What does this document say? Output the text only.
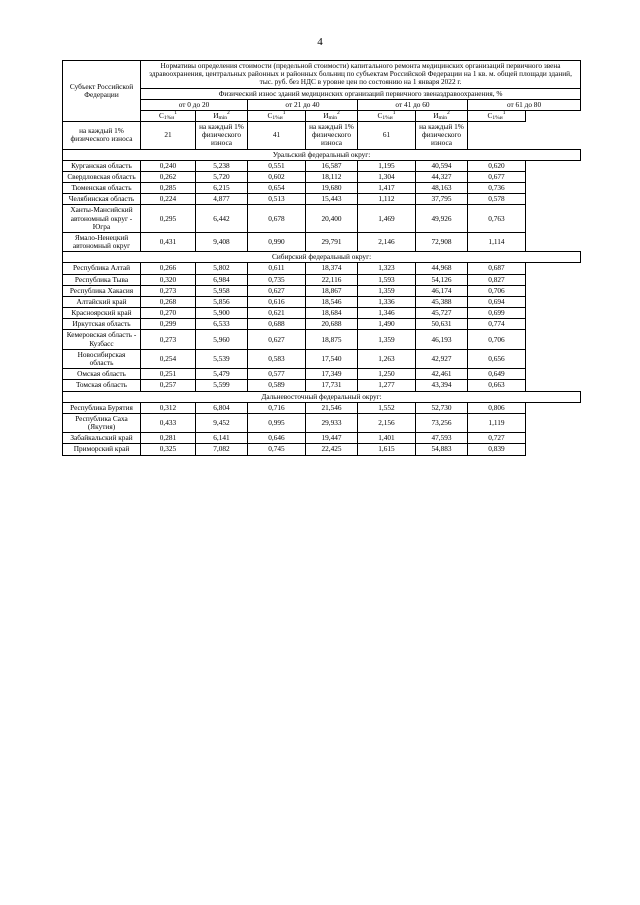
4
Субъект Российской Федерации	Нормативы определения стоимости (предельной стоимости) капитального ремонта медицинских организаций первичного звена здравоохранения, центральных районных и районных больниц по субъектам Российской Федерации на 1 кв. м. общей площади зданий, тыс. руб. без НДС в уровне цен по состоянию на 1 января 2022 г.						
	Физический износ зданий медицинских организаций первичного звеназдравоохранения, %						
	от 0 до 20		от 21 до 40		от 41 до 60		от 61 до 80
	$C_{1\%и}^1$	$И_{min}^2$	$C_{1\%и}^1$	$И_{min}^2$	$C_{1\%и}^1$	$И_{min}^2$	$C_{1\%и}^1$
на каждый 1% физического износа	21	на каждый 1% физического износа	41	на каждый 1% физического износа	61	на каждый 1% физического износа	
Уральский федеральный округ:							
Курганская область	0,240	5,238	0,551	16,587	1,195	40,594	0,620
Свердловская область	0,262	5,720	0,602	18,112	1,304	44,327	0,677
Тюменская область	0,285	6,215	0,654	19,680	1,417	48,163	0,736
Челябинская область	0,224	4,877	0,513	15,443	1,112	37,795	0,578
Ханты-Мансийский автономный округ - Югра	0,295	6,442	0,678	20,400	1,469	49,926	0,763
Ямало-Ненецкий автономный округ	0,431	9,408	0,990	29,791	2,146	72,908	1,114
Сибирский федеральный округ:							
Республика Алтай	0,266	5,802	0,611	18,374	1,323	44,968	0,687
Республика Тыва	0,320	6,984	0,735	22,116	1,593	54,126	0,827
Республика Хакасия	0,273	5,958	0,627	18,867	1,359	46,174	0,706
Алтайский край	0,268	5,856	0,616	18,546	1,336	45,388	0,694
Красноярский край	0,270	5,900	0,621	18,684	1,346	45,727	0,699
Иркутская область	0,299	6,533	0,688	20,688	1,490	50,631	0,774
Кемеровская область - Кузбасс	0,273	5,960	0,627	18,875	1,359	46,193	0,706
Новосибирская область	0,254	5,539	0,583	17,540	1,263	42,927	0,656
Омская область	0,251	5,479	0,577	17,349	1,250	42,461	0,649
Томская область	0,257	5,599	0,589	17,731	1,277	43,394	0,663
Дальневосточный федеральный округ:							
Республика Бурятия	0,312	6,804	0,716	21,546	1,552	52,730	0,806
Республика Саха (Якутия)	0,433	9,452	0,995	29,933	2,156	73,256	1,119
Забайкальский край	0,281	6,141	0,646	19,447	1,401	47,593	0,727
Приморский край	0,325	7,082	0,745	22,425	1,615	54,883	0,839
